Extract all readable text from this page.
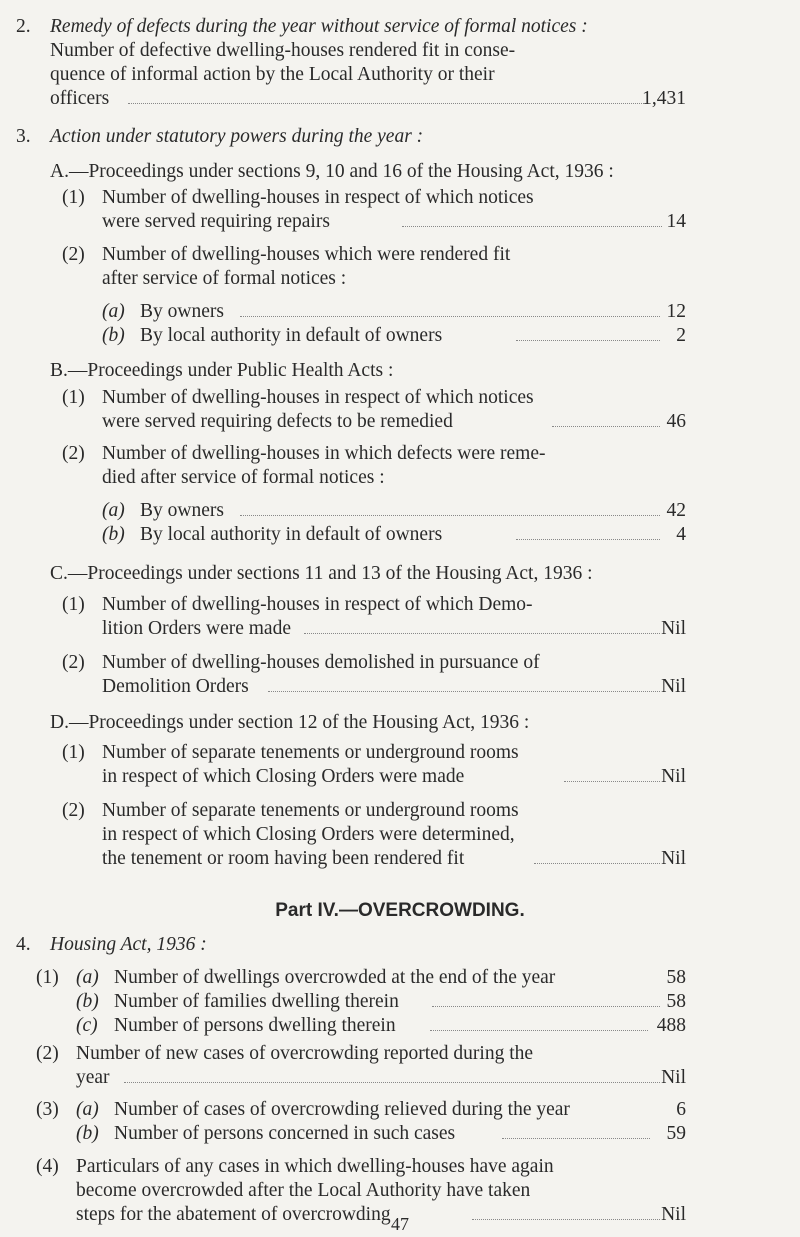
2. Remedy of defects during the year without service of formal notices :
Number of defective dwelling-houses rendered fit in conse-
quence of informal action by the Local Authority or their
officers	1,431
3. Action under statutory powers during the year :
A.—Proceedings under sections 9, 10 and 16 of the Housing Act, 1936 :
(1) Number of dwelling-houses in respect of which notices
were served requiring repairs	14
(2) Number of dwelling-houses which were rendered fit
after service of formal notices :
(a) By owners	12
(b) By local authority in default of owners	2
B.—Proceedings under Public Health Acts :
(1) Number of dwelling-houses in respect of which notices
were served requiring defects to be remedied	46
(2) Number of dwelling-houses in which defects were reme-
died after service of formal notices :
(a) By owners	42
(b) By local authority in default of owners	4
C.—Proceedings under sections 11 and 13 of the Housing Act, 1936 :
(1) Number of dwelling-houses in respect of which Demo-
lition Orders were made	Nil
(2) Number of dwelling-houses demolished in pursuance of
Demolition Orders	Nil
D.—Proceedings under section 12 of the Housing Act, 1936 :
(1) Number of separate tenements or underground rooms
in respect of which Closing Orders were made	Nil
(2) Number of separate tenements or underground rooms
in respect of which Closing Orders were determined,
the tenement or room having been rendered fit	Nil
Part IV.—OVERCROWDING.
4. Housing Act, 1936 :
(1) (a) Number of dwellings overcrowded at the end of the year	58
(b) Number of families dwelling therein	58
(c) Number of persons dwelling therein	488
(2) Number of new cases of overcrowding reported during the
year	Nil
(3) (a) Number of cases of overcrowding relieved during the year	6
(b) Number of persons concerned in such cases	59
(4) Particulars of any cases in which dwelling-houses have again
become overcrowded after the Local Authority have taken
steps for the abatement of overcrowding	Nil
47
